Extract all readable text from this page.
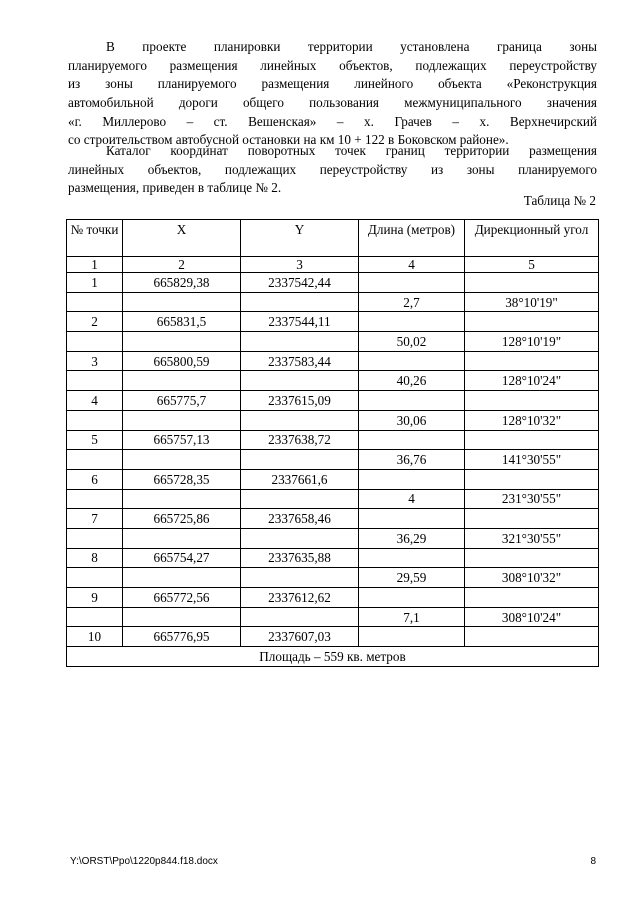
В проекте планировки территории установлена граница зоны
планируемого размещения линейных объектов, подлежащих переустройству
из зоны планируемого размещения линейного объекта «Реконструкция
автомобильной дороги общего пользования межмуниципального значения
«г. Миллерово – ст. Вешенская» – х. Грачев – х. Верхнечирский
со строительством автобусной остановки на км 10 + 122 в Боковском районе».
Каталог координат поворотных точек границ территории размещения
линейных объектов, подлежащих переустройству из зоны планируемого
размещения, приведен в таблице № 2.
Таблица № 2
№ точки	X	Y	Длина (метров)	Дирекционный угол
1	2	3	4	5
1	665829,38	2337542,44		
			2,7	38°10'19"
2	665831,5	2337544,11		
			50,02	128°10'19"
3	665800,59	2337583,44		
			40,26	128°10'24"
4	665775,7	2337615,09		
			30,06	128°10'32"
5	665757,13	2337638,72		
			36,76	141°30'55"
6	665728,35	2337661,6		
			4	231°30'55"
7	665725,86	2337658,46		
			36,29	321°30'55"
8	665754,27	2337635,88		
			29,59	308°10'32"
9	665772,56	2337612,62		
			7,1	308°10'24"
10	665776,95	2337607,03		
Площадь – 559 кв. метров				
Y:\ORST\Ppo\1220p844.f18.docx	8
